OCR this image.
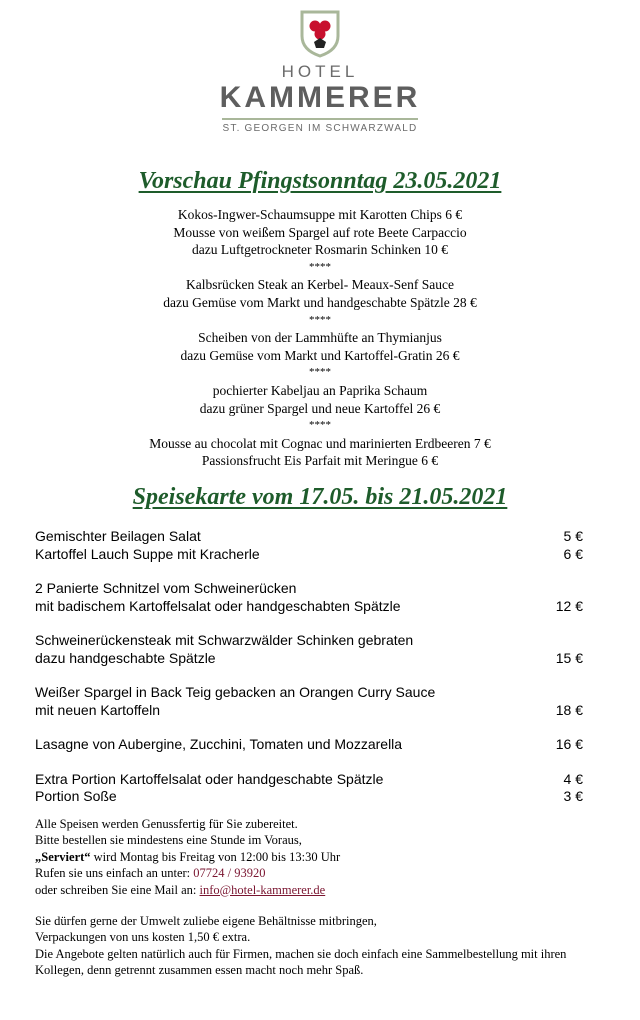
HOTEL
KAMMERER
ST. GEORGEN IM SCHWARZWALD
Vorschau Pfingstsonntag 23.05.2021
Kokos-Ingwer-Schaumsuppe mit Karotten Chips 6 €
Mousse von weißem Spargel auf rote Beete Carpaccio
dazu Luftgetrockneter Rosmarin Schinken 10 €
****
Kalbsrücken Steak an Kerbel- Meaux-Senf Sauce
dazu Gemüse vom Markt und handgeschabte Spätzle 28 €
****
Scheiben von der Lammhüfte an Thymianjus
dazu Gemüse vom Markt und Kartoffel-Gratin 26 €
****
pochierter Kabeljau an Paprika Schaum
dazu grüner Spargel und neue Kartoffel 26 €
****
Mousse au chocolat mit Cognac und marinierten Erdbeeren 7 €
Passionsfrucht Eis Parfait mit Meringue 6 €
Speisekarte vom 17.05. bis 21.05.2021
Gemischter Beilagen Salat	5 €
Kartoffel Lauch Suppe mit Kracherle	6 €
2 Panierte Schnitzel vom Schweinerücken
mit badischem Kartoffelsalat oder handgeschabten Spätzle	12 €
Schweinerückensteak mit Schwarzwälder Schinken gebraten
dazu handgeschabte Spätzle	15 €
Weißer Spargel in Back Teig gebacken an Orangen Curry Sauce
mit neuen Kartoffeln	18 €
Lasagne von Aubergine, Zucchini, Tomaten und Mozzarella	16 €
Extra Portion Kartoffelsalat oder handgeschabte Spätzle	4 €
Portion Soße	3 €
Alle Speisen werden Genussfertig für Sie zubereitet.
Bitte bestellen sie mindestens eine Stunde im Voraus,
„Serviert“ wird Montag bis Freitag von 12:00 bis 13:30 Uhr
Rufen sie uns einfach an unter: 07724 / 93920
oder schreiben Sie eine Mail an: info@hotel-kammerer.de
Sie dürfen gerne der Umwelt zuliebe eigene Behältnisse mitbringen,
Verpackungen von uns kosten 1,50 € extra.
Die Angebote gelten natürlich auch für Firmen, machen sie doch einfach eine Sammelbestellung mit ihren
Kollegen, denn getrennt zusammen essen macht noch mehr Spaß.
